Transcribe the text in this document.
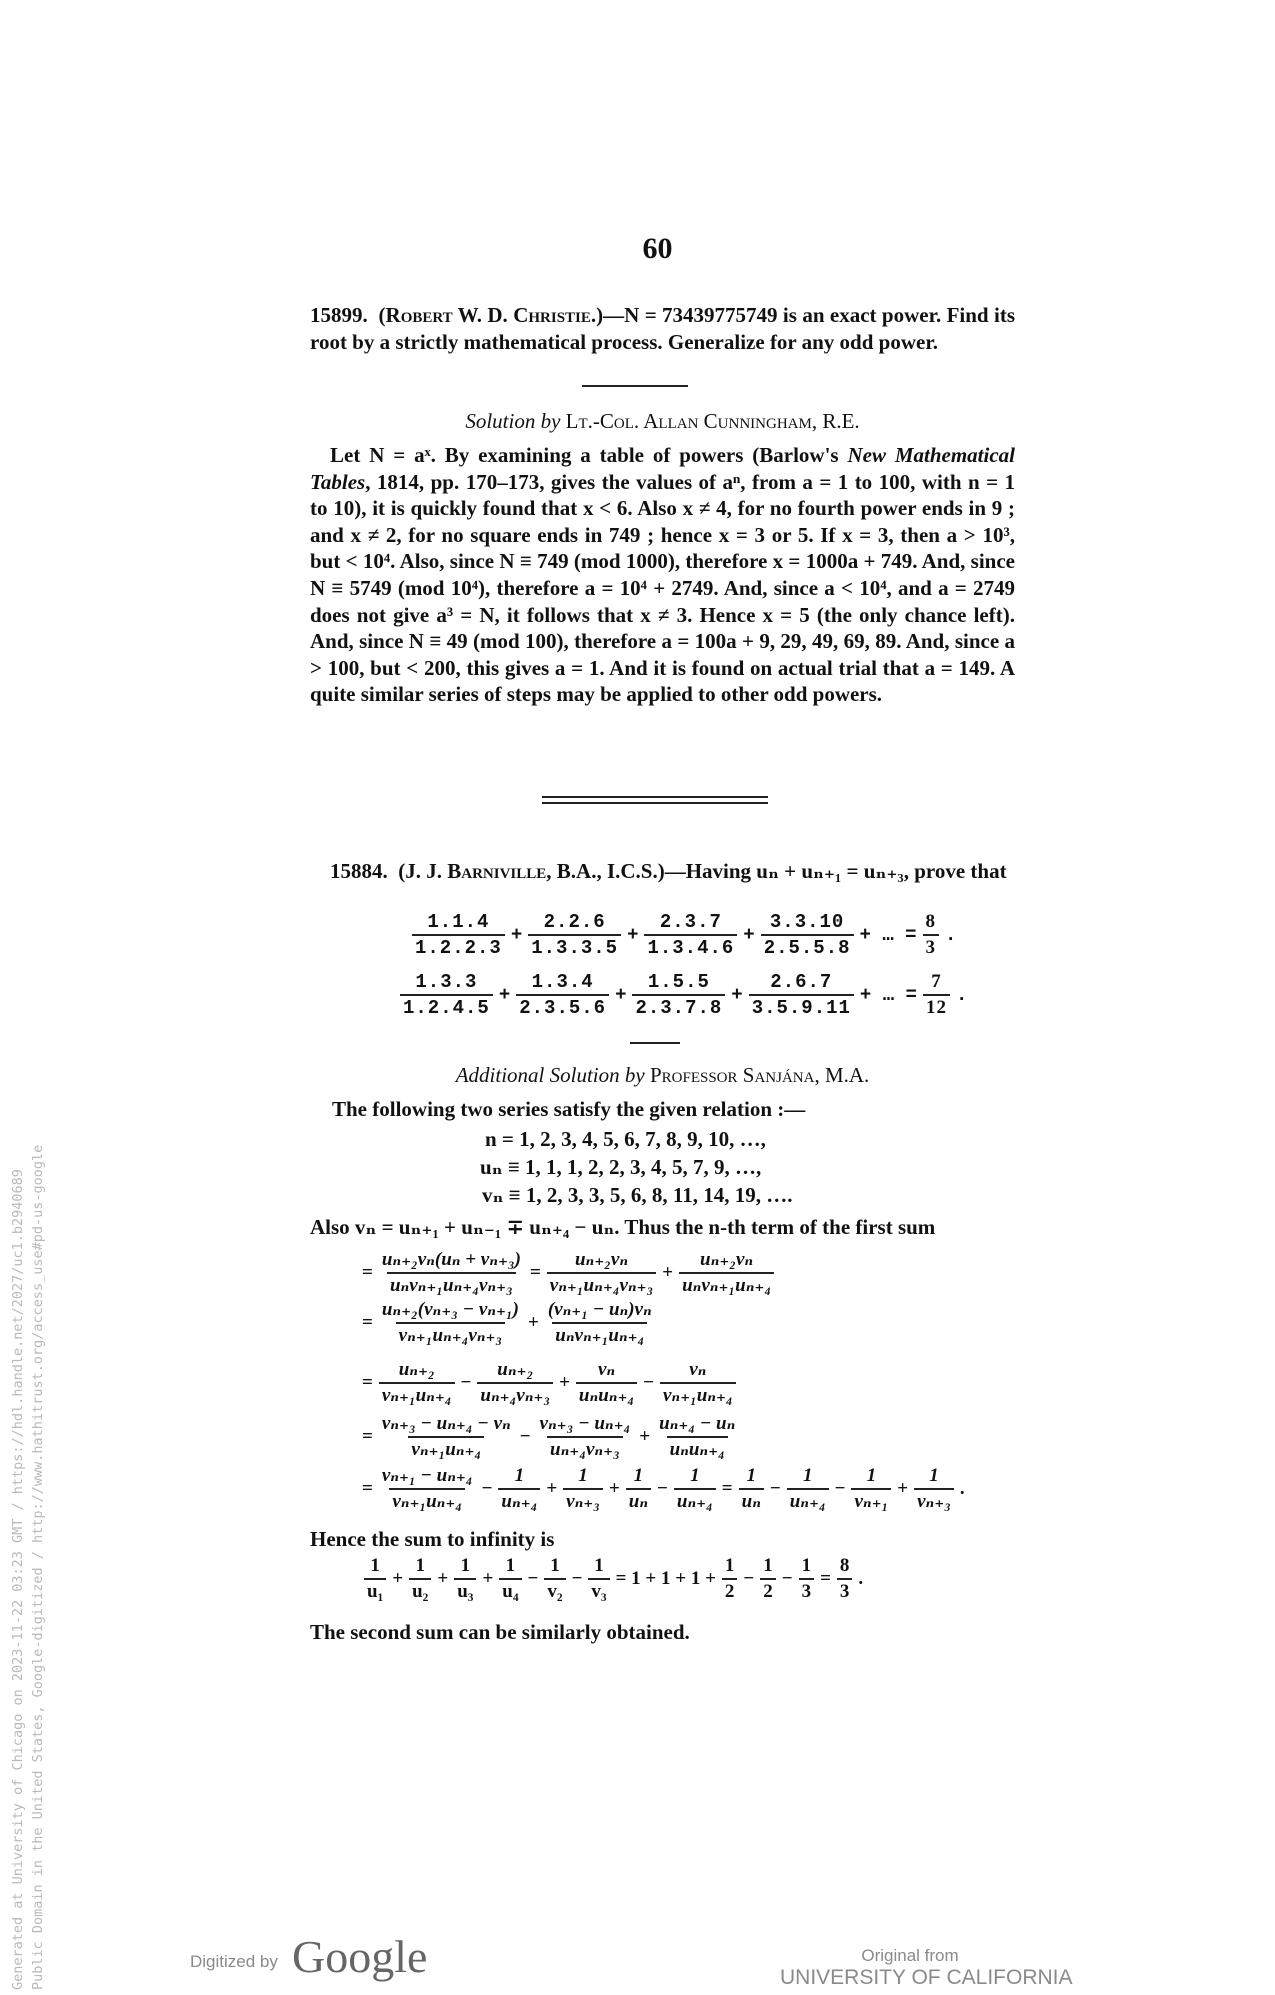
60
15899. (Robert W. D. Christie.)—N = 73439775749 is an exact power. Find its root by a strictly mathematical process. Generalize for any odd power.
Solution by Lt.-Col. Allan Cunningham, R.E.
Let N = aˣ. By examining a table of powers (Barlow's New Mathematical Tables, 1814, pp. 170–173, gives the values of aⁿ, from a = 1 to 100, with n = 1 to 10), it is quickly found that x < 6. Also x ≠ 4, for no fourth power ends in 9 ; and x ≠ 2, for no square ends in 749 ; hence x = 3 or 5. If x = 3, then a > 10³, but < 10⁴. Also, since N ≡ 749 (mod 1000), therefore x = 1000a + 749. And, since N ≡ 5749 (mod 10⁴), therefore a = 10⁴ + 2749. And, since a < 10⁴, and a = 2749 does not give a³ = N, it follows that x ≠ 3. Hence x = 5 (the only chance left). And, since N ≡ 49 (mod 100), therefore a = 100a + 9, 29, 49, 69, 89. And, since a > 100, but < 200, this gives a = 1. And it is found on actual trial that a = 149. A quite similar series of steps may be applied to other odd powers.
15884. (J. J. Barniville, B.A., I.C.S.)—Having uₙ + uₙ₊₁ = uₙ₊₃, prove that
$\frac{1.1.4}{1.2.2.3} + \frac{2.2.6}{1.3.3.5} + \frac{2.3.7}{1.3.4.6} + \frac{3.3.10}{2.5.5.8}$ + … = $\frac{8}{3}$ .
$\frac{1.3.3}{1.2.4.5} + \frac{1.3.4}{2.3.5.6} + \frac{1.5.5}{2.3.7.8} + \frac{2.6.7}{3.5.9.11}$ + … = $\frac{7}{12}$ .
Additional Solution by Professor Sanjána, M.A.
The following two series satisfy the given relation :—
n = 1, 2, 3, 4, 5, 6, 7, 8, 9, 10, …,
uₙ ≡ 1, 1, 1, 2, 2, 3, 4, 5, 7, 9, …,
vₙ ≡ 1, 2, 3, 3, 5, 6, 8, 11, 14, 19, ….
Also vₙ = uₙ₊₁ + uₙ₋₁ ∓ uₙ₊₄ − uₙ. Thus the n-th term of the first sum
= $\frac{\text{uₙ₊₂vₙ(uₙ + vₙ₊₃)}}{\text{uₙvₙ₊₁uₙ₊₄vₙ₊₃}} = \frac{\text{uₙ₊₂vₙ}}{\text{vₙ₊₁uₙ₊₄vₙ₊₃}} + \frac{\text{uₙ₊₂vₙ}}{\text{uₙvₙ₊₁uₙ₊₄}}$
= $\frac{\text{uₙ₊₂(vₙ₊₃ − vₙ₊₁)}}{\text{vₙ₊₁uₙ₊₄vₙ₊₃}} + \frac{\text{(vₙ₊₁ − uₙ)vₙ}}{\text{uₙvₙ₊₁uₙ₊₄}}$
= $\frac{\text{uₙ₊₂}}{\text{vₙ₊₁uₙ₊₄}} - \frac{\text{uₙ₊₂}}{\text{uₙ₊₄vₙ₊₃}} + \frac{\text{vₙ}}{\text{uₙuₙ₊₄}} - \frac{\text{vₙ}}{\text{vₙ₊₁uₙ₊₄}}$
= $\frac{\text{vₙ₊₃ − uₙ₊₄ − vₙ}}{\text{vₙ₊₁uₙ₊₄}} - \frac{\text{vₙ₊₃ − uₙ₊₄}}{\text{uₙ₊₄vₙ₊₃}} + \frac{\text{uₙ₊₄ − uₙ}}{\text{uₙuₙ₊₄}}$
= $\frac{\text{vₙ₊₁ − uₙ₊₄}}{\text{vₙ₊₁uₙ₊₄}} - \frac{1}{\text{uₙ₊₄}} + \frac{1}{\text{vₙ₊₃}} + \frac{1}{\text{uₙ}} - \frac{1}{\text{uₙ₊₄}} = \frac{1}{\text{uₙ}} - \frac{1}{\text{uₙ₊₄}} - \frac{1}{\text{vₙ₊₁}} + \frac{1}{\text{vₙ₊₃}}$ .
Hence the sum to infinity is
$\frac{1}{\text{u₁}} + \frac{1}{\text{u₂}} + \frac{1}{\text{u₃}} + \frac{1}{\text{u₄}} - \frac{1}{\text{v₂}} - \frac{1}{\text{v₃}} = 1 + 1 + 1 + \frac{1}{2} - \frac{1}{2} - \frac{1}{3} = \frac{8}{3}$ .
The second sum can be similarly obtained.
Generated at University of Chicago on 2023-11-22 03:23 GMT / https://hdl.handle.net/2027/uc1.b2940689 Public Domain in the United States, Google-digitized / http://www.hathitrust.org/access_use#pd-us-google	Digitized by Google	Original from
UNIVERSITY OF CALIFORNIA
